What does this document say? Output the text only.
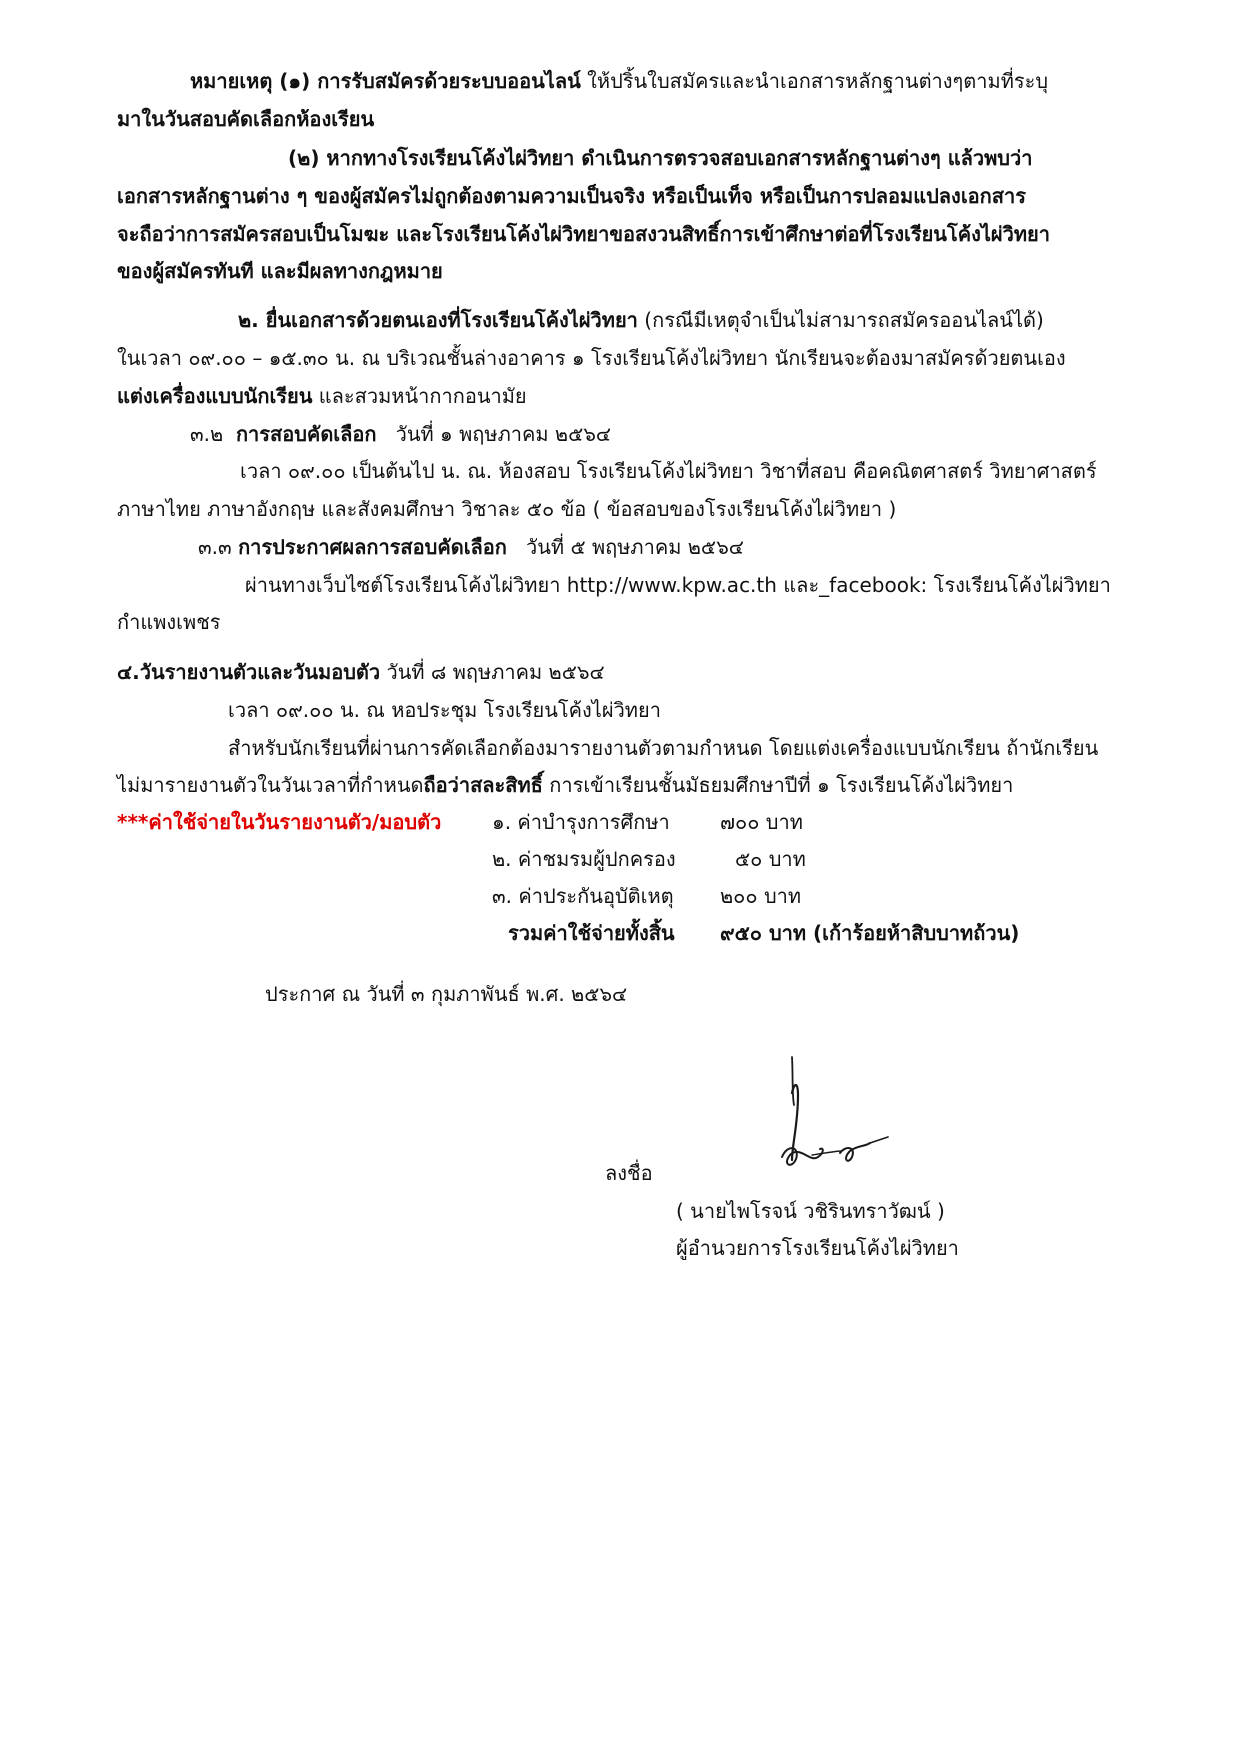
หมายเหตุ (๑) การรับสมัครด้วยระบบออนไลน์ ให้ปริ้นใบสมัครและนำเอกสารหลักฐานต่างๆตามที่ระบุ
มาในวันสอบคัดเลือกห้องเรียน
(๒) หากทางโรงเรียนโค้งไผ่วิทยา ดำเนินการตรวจสอบเอกสารหลักฐานต่างๆ แล้วพบว่า
เอกสารหลักฐานต่าง ๆ ของผู้สมัครไม่ถูกต้องตามความเป็นจริง หรือเป็นเท็จ หรือเป็นการปลอมแปลงเอกสาร
จะถือว่าการสมัครสอบเป็นโมฆะ และโรงเรียนโค้งไผ่วิทยาขอสงวนสิทธิ์การเข้าศึกษาต่อที่โรงเรียนโค้งไผ่วิทยา
ของผู้สมัครทันที และมีผลทางกฎหมาย
๒. ยื่นเอกสารด้วยตนเองที่โรงเรียนโค้งไผ่วิทยา (กรณีมีเหตุจำเป็นไม่สามารถสมัครออนไลน์ได้)
ในเวลา ๐๙.๐๐ – ๑๕.๓๐ น. ณ บริเวณชั้นล่างอาคาร ๑ โรงเรียนโค้งไผ่วิทยา นักเรียนจะต้องมาสมัครด้วยตนเอง
แต่งเครื่องแบบนักเรียน และสวมหน้ากากอนามัย
๓.๒ การสอบคัดเลือก วันที่ ๑ พฤษภาคม ๒๕๖๔
เวลา ๐๙.๐๐ เป็นต้นไป น. ณ. ห้องสอบ โรงเรียนโค้งไผ่วิทยา วิชาที่สอบ คือคณิตศาสตร์ วิทยาศาสตร์
ภาษาไทย ภาษาอังกฤษ และสังคมศึกษา วิชาละ ๕๐ ข้อ ( ข้อสอบของโรงเรียนโค้งไผ่วิทยา )
๓.๓ การประกาศผลการสอบคัดเลือก วันที่ ๕ พฤษภาคม ๒๕๖๔
ผ่านทางเว็บไซต์โรงเรียนโค้งไผ่วิทยา http://www.kpw.ac.th และ_facebook: โรงเรียนโค้งไผ่วิทยา
กำแพงเพชร
๔.วันรายงานตัวและวันมอบตัว วันที่ ๘ พฤษภาคม ๒๕๖๔
เวลา ๐๙.๐๐ น. ณ หอประชุม โรงเรียนโค้งไผ่วิทยา
สำหรับนักเรียนที่ผ่านการคัดเลือกต้องมารายงานตัวตามกำหนด โดยแต่งเครื่องแบบนักเรียน ถ้านักเรียน
ไม่มารายงานตัวในวันเวลาที่กำหนดถือว่าสละสิทธิ์ การเข้าเรียนชั้นมัธยมศึกษาปีที่ ๑ โรงเรียนโค้งไผ่วิทยา
***ค่าใช้จ่ายในวันรายงานตัว/มอบตัว	๑. ค่าบำรุงการศึกษา	๗๐๐ บาท
๒. ค่าชมรมผู้ปกครอง	๕๐ บาท
๓. ค่าประกันอุบัติเหตุ ๒๐๐ บาท
รวมค่าใช้จ่ายทั้งสิ้น ๙๕๐ บาท (เก้าร้อยห้าสิบบาทถ้วน)
ประกาศ ณ วันที่ ๓ กุมภาพันธ์ พ.ศ. ๒๕๖๔
ลงชื่อ
( นายไพโรจน์ วชิรินทราวัฒน์ )
ผู้อำนวยการโรงเรียนโค้งไผ่วิทยา
